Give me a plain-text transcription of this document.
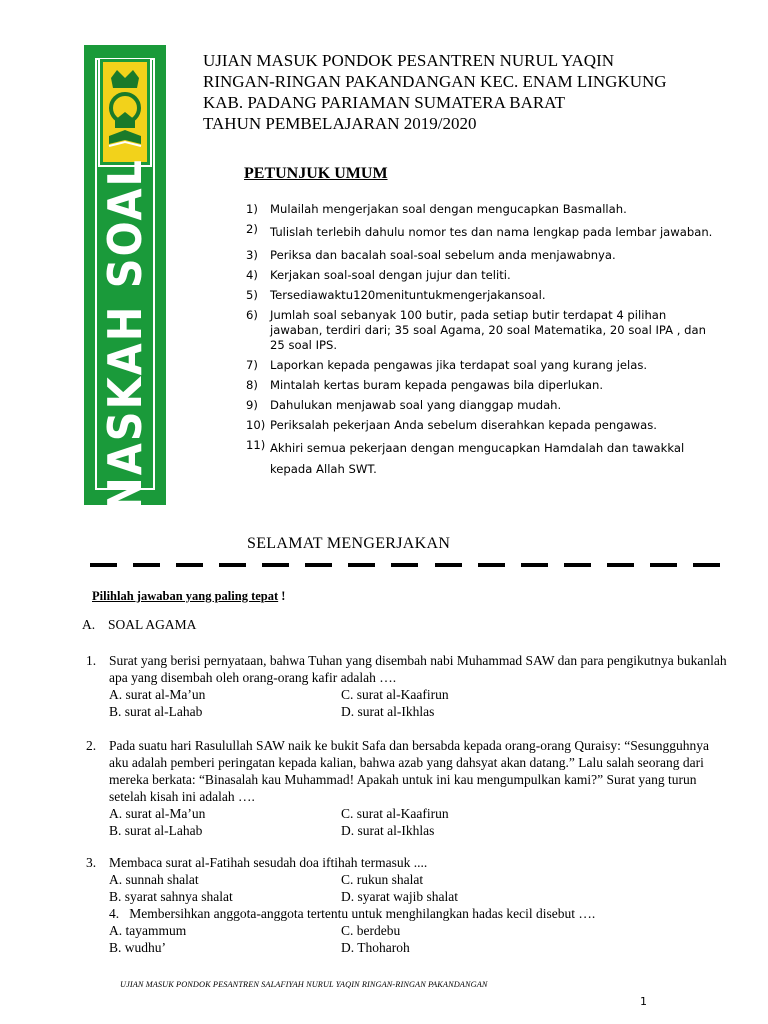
NASKAH SOAL
UJIAN MASUK PONDOK PESANTREN NURUL YAQIN
RINGAN-RINGAN PAKANDANGAN KEC. ENAM LINGKUNG
KAB. PADANG PARIAMAN SUMATERA BARAT
TAHUN PEMBELAJARAN 2019/2020
PETUNJUK UMUM
1)	Mulailah mengerjakan soal dengan mengucapkan Basmallah.
2)	Tulislah terlebih dahulu nomor tes dan nama lengkap pada lembar jawaban.
3)	Periksa dan bacalah soal-soal sebelum anda menjawabnya.
4)	Kerjakan soal-soal dengan jujur dan teliti.
5)	Tersediawaktu120menituntukmengerjakansoal.
6)	Jumlah soal sebanyak 100 butir, pada setiap butir terdapat 4 pilihan jawaban, terdiri dari; 35 soal Agama, 20 soal Matematika, 20 soal IPA , dan 25 soal IPS.
7)	Laporkan kepada pengawas jika terdapat soal yang kurang jelas.
8)	Mintalah kertas buram kepada pengawas bila diperlukan.
9)	Dahulukan menjawab soal yang dianggap mudah.
10) Periksalah pekerjaan Anda sebelum diserahkan kepada pengawas.
11) Akhiri semua pekerjaan dengan mengucapkan Hamdalah dan tawakkal kepada Allah SWT.
SELAMAT MENGERJAKAN
Pilihlah jawaban yang paling tepat !
A. SOAL AGAMA
1. Surat yang berisi pernyataan, bahwa Tuhan yang disembah nabi Muhammad SAW dan para pengikutnya bukanlah apa yang disembah oleh orang-orang kafir adalah ….
A. surat al-Ma’un	C. surat al-Kaafirun
B. surat al-Lahab	D. surat al-Ikhlas
2. Pada suatu hari Rasulullah SAW naik ke bukit Safa dan bersabda kepada orang-orang Quraisy: “Sesungguhnya aku adalah pemberi peringatan kepada kalian, bahwa azab yang dahsyat akan datang.” Lalu salah seorang dari mereka berkata: “Binasalah kau Muhammad! Apakah untuk ini kau mengumpulkan kami?” Surat yang turun setelah kisah ini adalah ….
A. surat al-Ma’un	C. surat al-Kaafirun
B. surat al-Lahab	D. surat al-Ikhlas
3. Membaca surat al-Fatihah sesudah doa iftihah termasuk ....
A. sunnah shalat	C. rukun shalat
B. syarat sahnya shalat	D. syarat wajib shalat
4. Membersihkan anggota-anggota tertentu untuk menghilangkan hadas kecil disebut ….
A. tayammum	C. berdebu
B. wudhu’	D. Thoharoh
UJIAN MASUK PONDOK PESANTREN SALAFIYAH NURUL YAQIN RINGAN-RINGAN PAKANDANGAN
1
